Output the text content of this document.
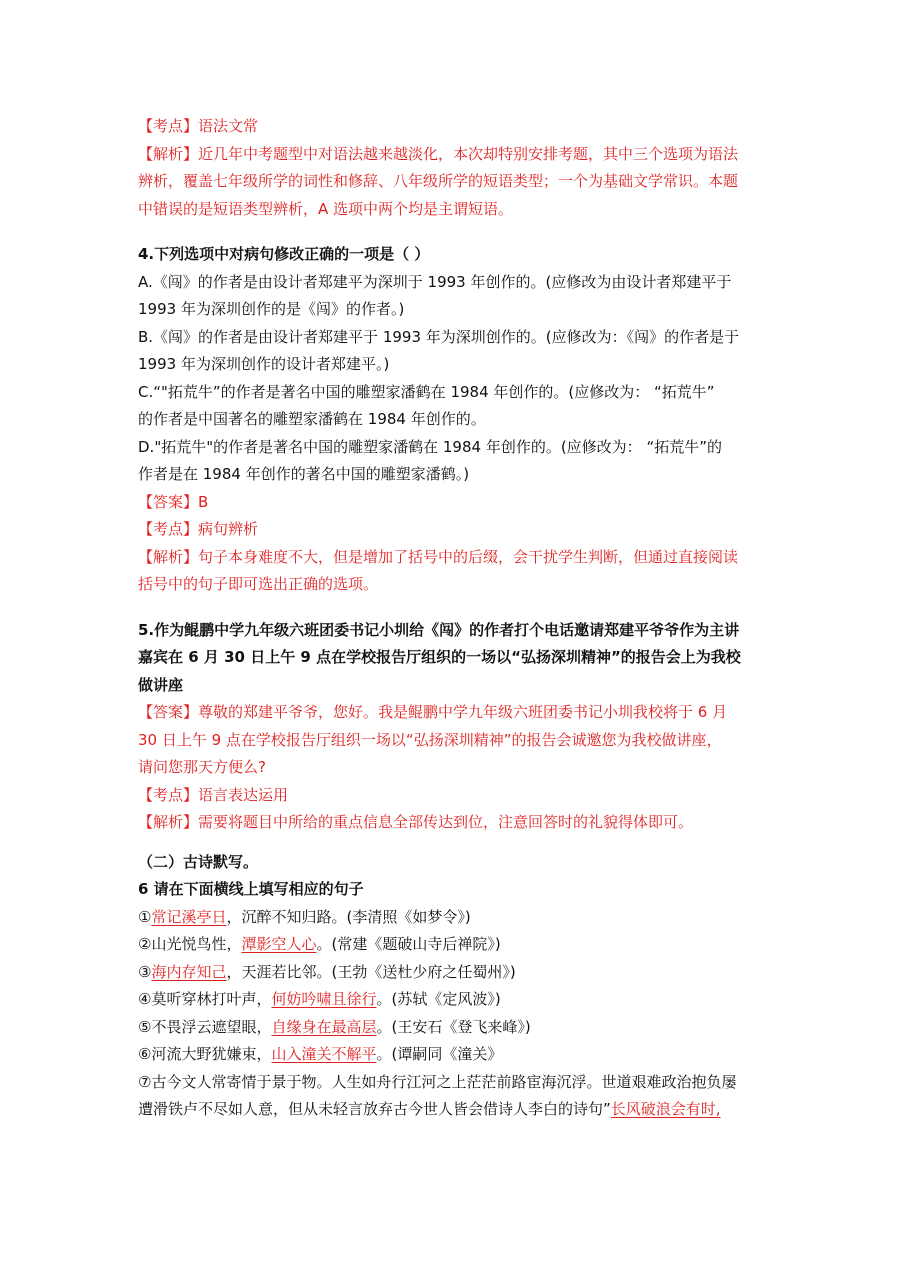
【考点】语法文常
【解析】近几年中考题型中对语法越来越淡化，本次却特别安排考题，其中三个选项为语法
辨析，覆盖七年级所学的词性和修辞、八年级所学的短语类型；一个为基础文学常识。本题
中错误的是短语类型辨析，A 选项中两个均是主谓短语。
4.下列选项中对病句修改正确的一项是（ ）
A.《闯》的作者是由设计者郑建平为深圳于 1993 年创作的。(应修改为由设计者郑建平于
1993 年为深圳创作的是《闯》的作者。)
B.《闯》的作者是由设计者郑建平于 1993 年为深圳创作的。(应修改为：《闯》的作者是于
1993 年为深圳创作的设计者郑建平。)
C.“"拓荒牛”的作者是著名中国的雕塑家潘鹤在 1984 年创作的。(应修改为： “拓荒牛”
的作者是中国著名的雕塑家潘鹤在 1984 年创作的。
D."拓荒牛"的作者是著名中国的雕塑家潘鹤在 1984 年创作的。(应修改为： “拓荒牛”的
作者是在 1984 年创作的著名中国的雕塑家潘鹤。)
【答案】B
【考点】病句辨析
【解析】句子本身难度不大，但是增加了括号中的后缀，会干扰学生判断，但通过直接阅读
括号中的句子即可选出正确的选项。
5.作为鲲鹏中学九年级六班团委书记小圳给《闯》的作者打个电话邀请郑建平爷爷作为主讲
嘉宾在 6 月 30 日上午 9 点在学校报告厅组织的一场以“弘扬深圳精神”的报告会上为我校
做讲座
【答案】尊敬的郑建平爷爷，您好。我是鲲鹏中学九年级六班团委书记小圳我校将于 6 月
30 日上午 9 点在学校报告厅组织一场以“弘扬深圳精神”的报告会诚邀您为我校做讲座，
请问您那天方便么?
【考点】语言表达运用
【解析】需要将题目中所给的重点信息全部传达到位，注意回答时的礼貌得体即可。
（二）古诗默写。
6 请在下面横线上填写相应的句子
①常记溪亭日，沉醉不知归路。(李清照《如梦令》)
②山光悦鸟性，潭影空人心。(常建《题破山寺后禅院》)
③海内存知己，天涯若比邻。(王勃《送杜少府之任蜀州》)
④莫听穿林打叶声，何妨吟啸且徐行。(苏轼《定风波》)
⑤不畏浮云遮望眼，自缘身在最高层。(王安石《登飞来峰》)
⑥河流大野犹嫌束，山入潼关不解平。(谭嗣同《潼关》
⑦古今文人常寄情于景于物。人生如舟行江河之上茫茫前路宦海沉浮。世道艰难政治抱负屡
遭滑铁卢不尽如人意，但从未轻言放弃古今世人皆会借诗人李白的诗句”长风破浪会有时,
